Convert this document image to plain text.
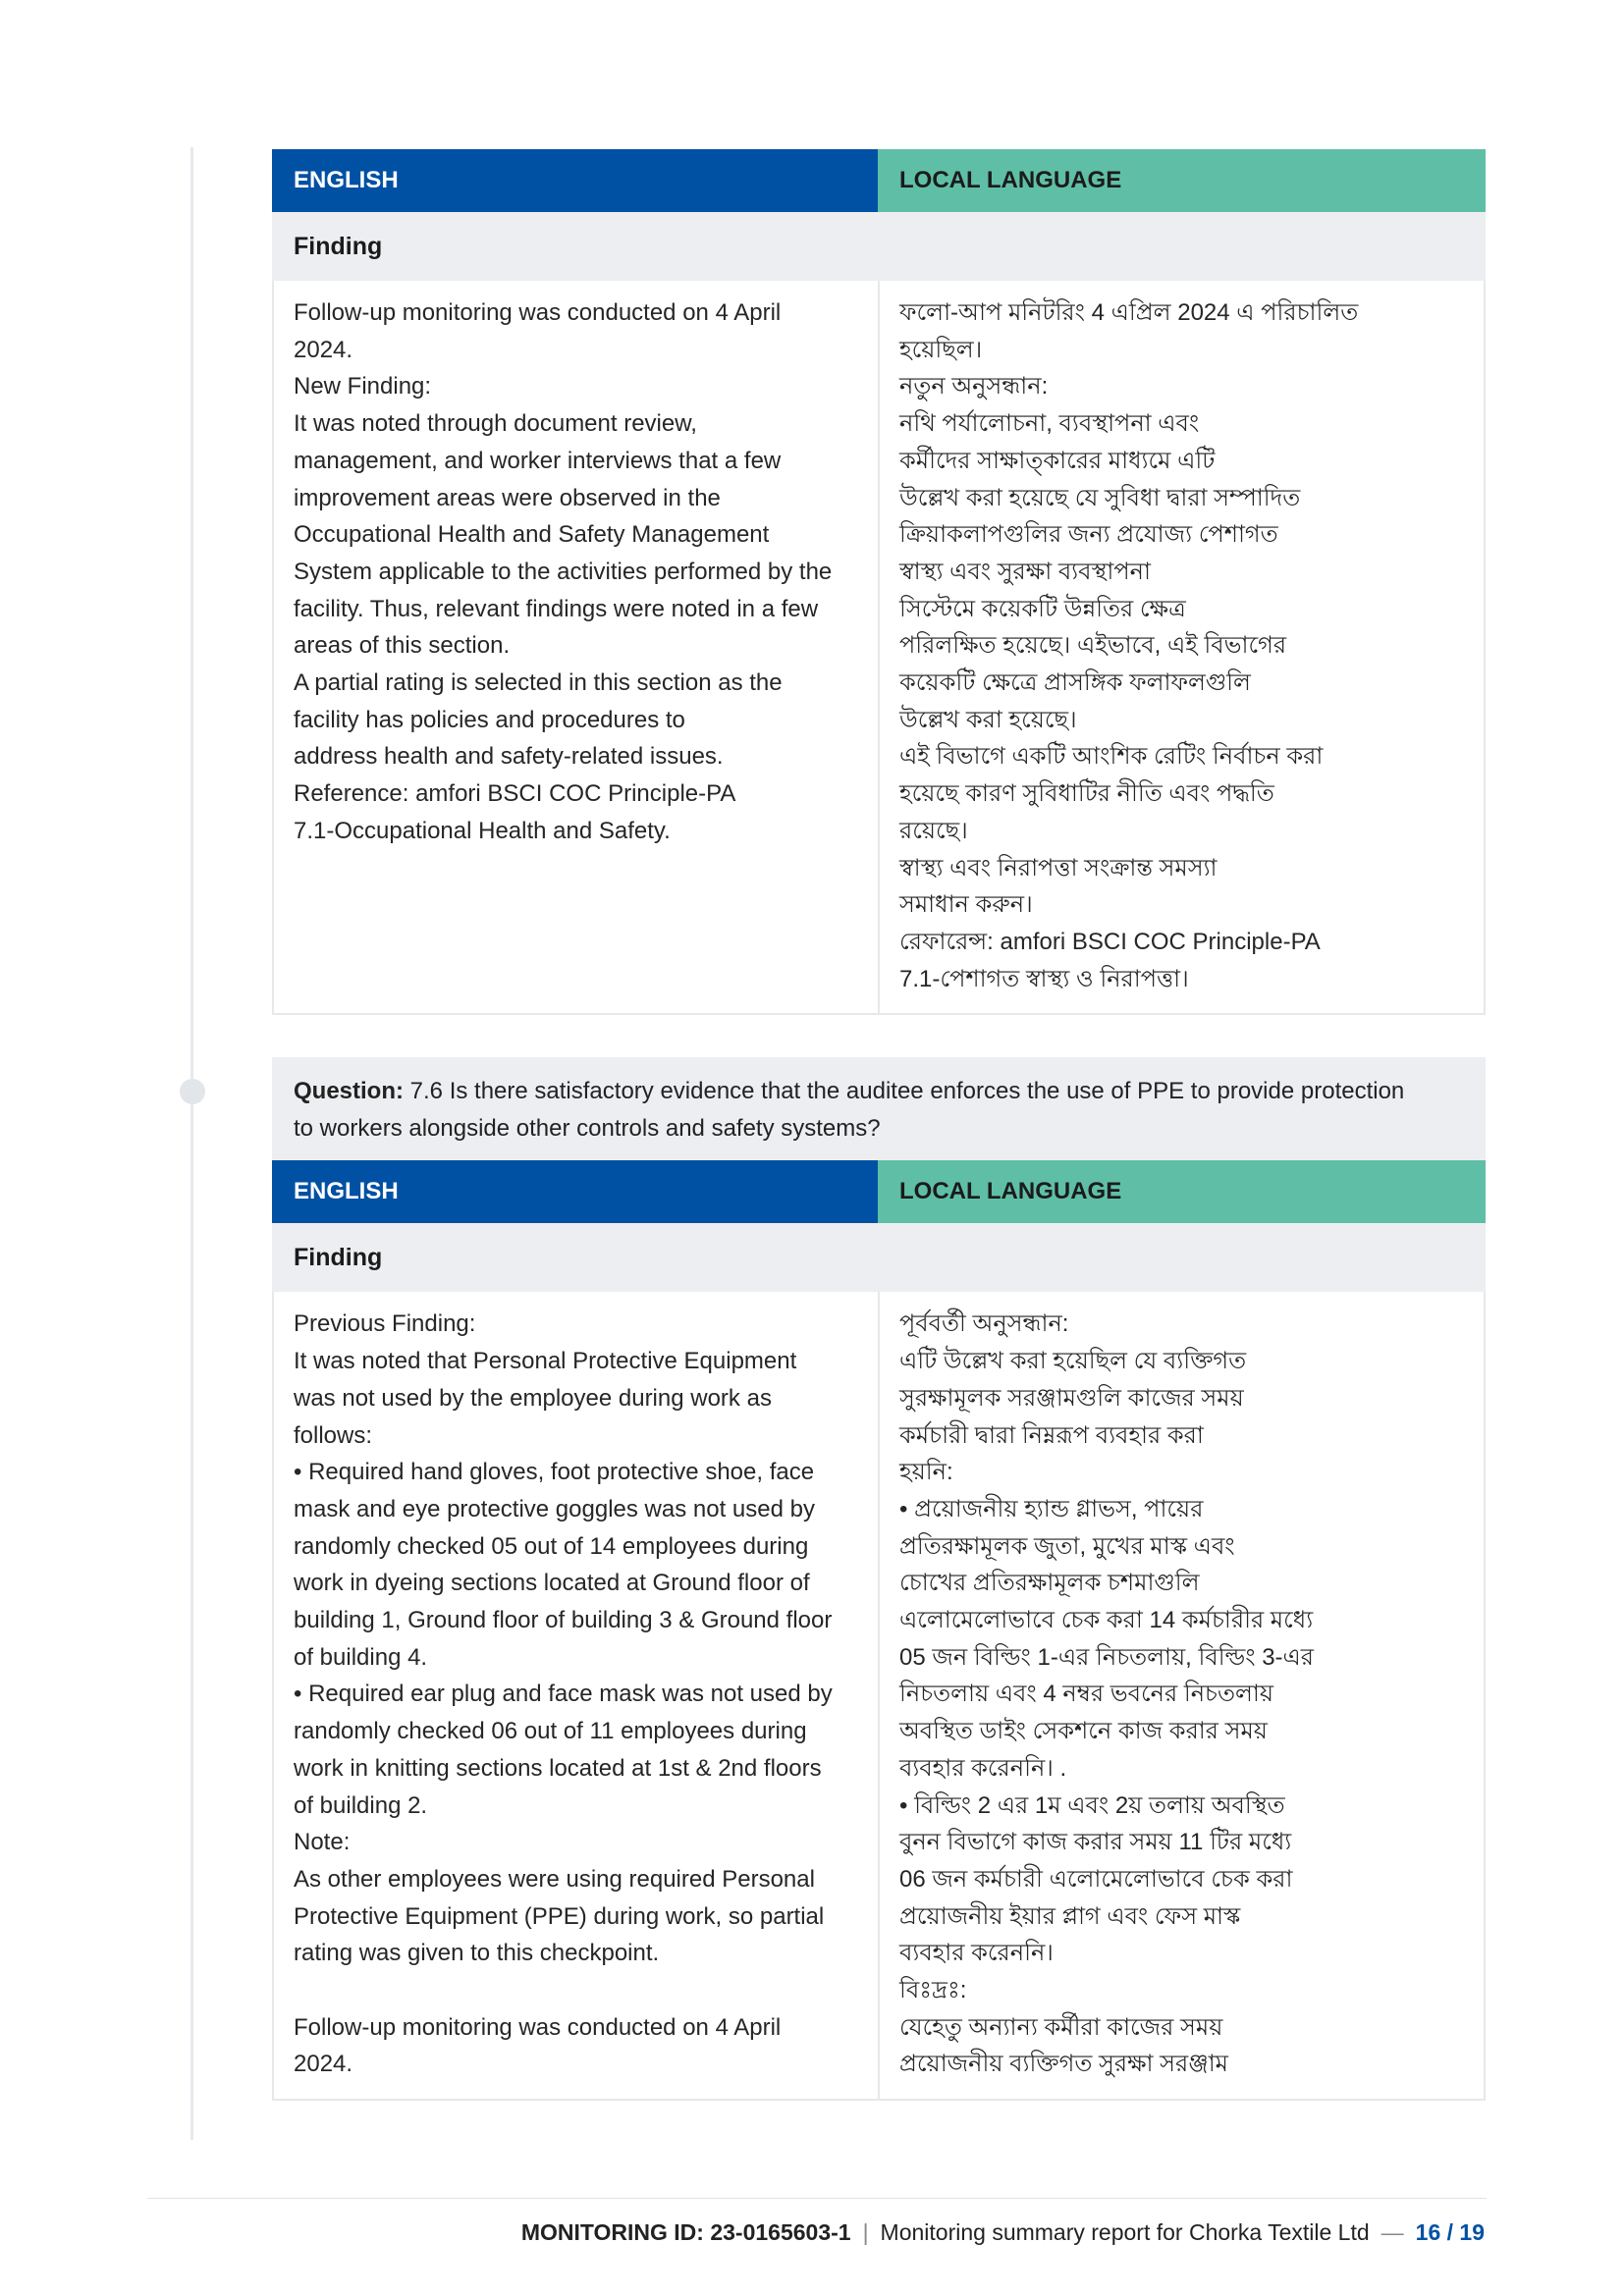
ENGLISH	LOCAL LANGUAGE
Finding
Follow-up monitoring was conducted on 4 April
2024.
New Finding:
It was noted through document review,
management, and worker interviews that a few
improvement areas were observed in the
Occupational Health and Safety Management
System applicable to the activities performed by the
facility. Thus, relevant findings were noted in a few
areas of this section.
A partial rating is selected in this section as the
facility has policies and procedures to
address health and safety-related issues.
Reference: amfori BSCI COC Principle-PA
7.1-Occupational Health and Safety.
ফলো-আপ মনিটরিং 4 এপ্রিল 2024 এ পরিচালিত
হয়েছিল।
নতুন অনুসন্ধান:
নথি পর্যালোচনা, ব্যবস্থাপনা এবং
কর্মীদের সাক্ষাত্কারের মাধ্যমে এটি
উল্লেখ করা হয়েছে যে সুবিধা দ্বারা সম্পাদিত
ক্রিয়াকলাপগুলির জন্য প্রযোজ্য পেশাগত
স্বাস্থ্য এবং সুরক্ষা ব্যবস্থাপনা
সিস্টেমে কয়েকটি উন্নতির ক্ষেত্র
পরিলক্ষিত হয়েছে। এইভাবে, এই বিভাগের
কয়েকটি ক্ষেত্রে প্রাসঙ্গিক ফলাফলগুলি
উল্লেখ করা হয়েছে।
এই বিভাগে একটি আংশিক রেটিং নির্বাচন করা
হয়েছে কারণ সুবিধাটির নীতি এবং পদ্ধতি
রয়েছে।
স্বাস্থ্য এবং নিরাপত্তা সংক্রান্ত সমস্যা
সমাধান করুন।
রেফারেন্স: amfori BSCI COC Principle-PA
7.1-পেশাগত স্বাস্থ্য ও নিরাপত্তা।
Question: 7.6 Is there satisfactory evidence that the auditee enforces the use of PPE to provide protection
to workers alongside other controls and safety systems?
ENGLISH	LOCAL LANGUAGE
Finding
Previous Finding:
It was noted that Personal Protective Equipment
was not used by the employee during work as
follows:
• Required hand gloves, foot protective shoe, face
mask and eye protective goggles was not used by
randomly checked 05 out of 14 employees during
work in dyeing sections located at Ground floor of
building 1, Ground floor of building 3 & Ground floor
of building 4.
• Required ear plug and face mask was not used by
randomly checked 06 out of 11 employees during
work in knitting sections located at 1st & 2nd floors
of building 2.
Note:
As other employees were using required Personal
Protective Equipment (PPE) during work, so partial
rating was given to this checkpoint.

Follow-up monitoring was conducted on 4 April
2024.
পূর্ববর্তী অনুসন্ধান:
এটি উল্লেখ করা হয়েছিল যে ব্যক্তিগত
সুরক্ষামূলক সরঞ্জামগুলি কাজের সময়
কর্মচারী দ্বারা নিম্নরূপ ব্যবহার করা
হয়নি:
• প্রয়োজনীয় হ্যান্ড গ্লাভস, পায়ের
প্রতিরক্ষামূলক জুতা, মুখের মাস্ক এবং
চোখের প্রতিরক্ষামূলক চশমাগুলি
এলোমেলোভাবে চেক করা 14 কর্মচারীর মধ্যে
05 জন বিল্ডিং 1-এর নিচতলায়, বিল্ডিং 3-এর
নিচতলায় এবং 4 নম্বর ভবনের নিচতলায়
অবস্থিত ডাইং সেকশনে কাজ করার সময়
ব্যবহার করেননি। .
• বিল্ডিং 2 এর 1ম এবং 2য় তলায় অবস্থিত
বুনন বিভাগে কাজ করার সময় 11 টির মধ্যে
06 জন কর্মচারী এলোমেলোভাবে চেক করা
প্রয়োজনীয় ইয়ার প্লাগ এবং ফেস মাস্ক
ব্যবহার করেননি।
বিঃদ্রঃ:
যেহেতু অন্যান্য কর্মীরা কাজের সময়
প্রয়োজনীয় ব্যক্তিগত সুরক্ষা সরঞ্জাম
MONITORING ID: 23-0165603-1 | Monitoring summary report for Chorka Textile Ltd — 16 / 19
